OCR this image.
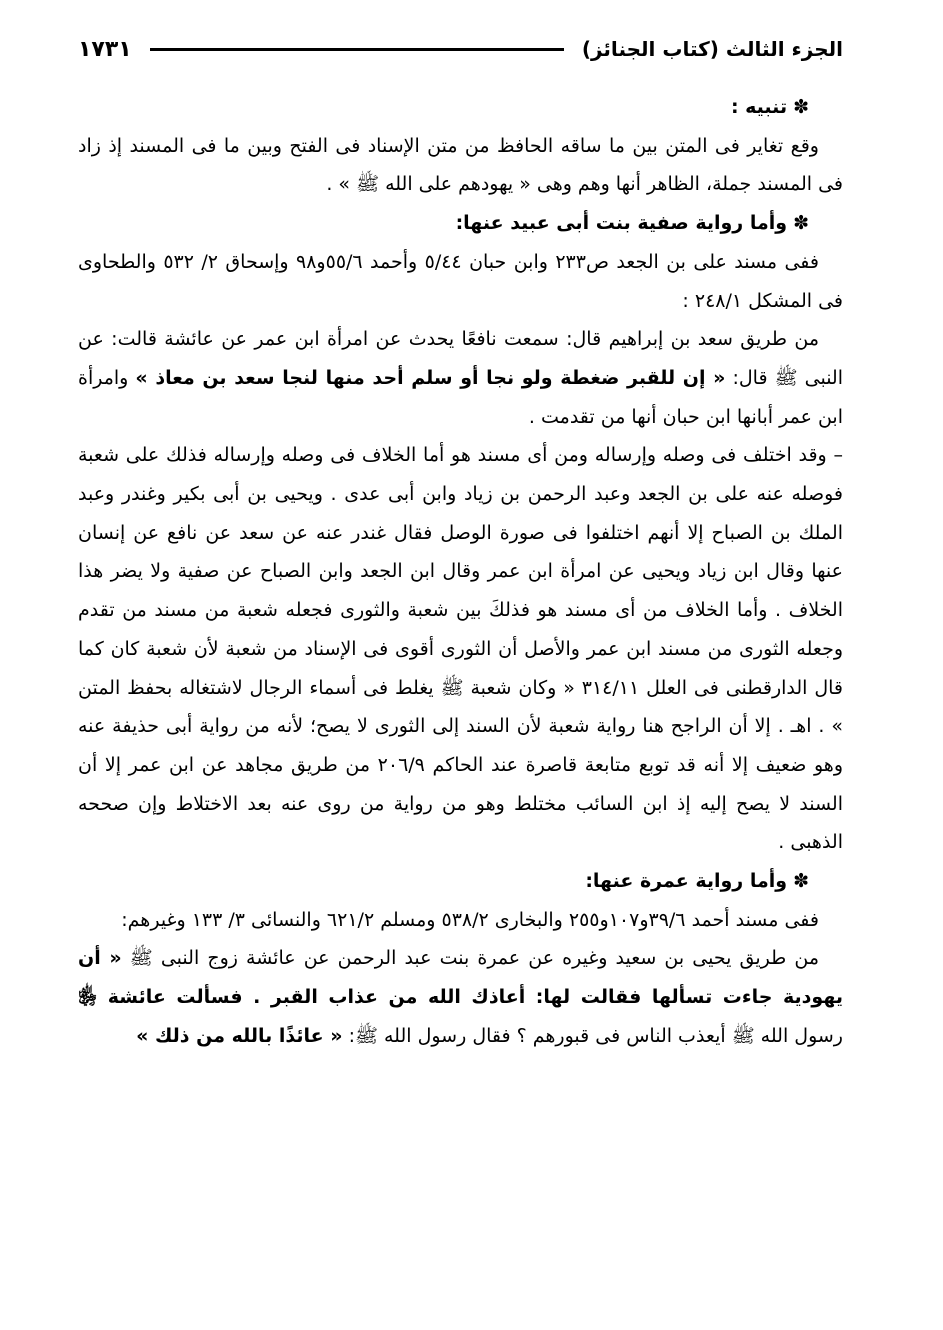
الجزء الثالث (كتاب الجنائز)
١٧٣١

✽تنبيه :

وقع تغاير فى المتن بين ما ساقه الحافظ من متن الإسناد فى الفتح وبين ما فى المسند إذ زاد فى المسند جملة، الظاهر أنها وهم وهى « يهودهم على الله ﷺ » .

✽وأما رواية صفية بنت أبى عبيد عنها:

ففى مسند على بن الجعد ص٢٣٣ وابن حبان ٥/٤٤ وأحمد ٥٥/٦و٩٨ وإسحاق ٢/ ٥٣٢ والطحاوى فى المشكل ٢٤٨/١ :

من طريق سعد بن إبراهيم قال: سمعت نافعًا يحدث عن امرأة ابن عمر عن عائشة قالت: عن النبى ﷺ قال: « إن للقبر ضغطة ولو نجا أو سلم أحد منها لنجا سعد بن معاذ » وامرأة ابن عمر أبانها ابن حبان أنها من تقدمت .

– وقد اختلف فى وصله وإرساله ومن أى مسند هو أما الخلاف فى وصله وإرساله فذلك على شعبة فوصله عنه على بن الجعد وعبد الرحمن بن زياد وابن أبى عدى . ويحيى بن أبى بكير وغندر وعبد الملك بن الصباح إلا أنهم اختلفوا فى صورة الوصل فقال غندر عنه عن سعد عن نافع عن إنسان عنها وقال ابن زياد ويحيى عن امرأة ابن عمر وقال ابن الجعد وابن الصباح عن صفية ولا يضر هذا الخلاف . وأما الخلاف من أى مسند هو فذلكَ بين شعبة والثورى فجعله شعبة من مسند من تقدم وجعله الثورى من مسند ابن عمر والأصل أن الثورى أقوى فى الإسناد من شعبة لأن شعبة كان كما قال الدارقطنى فى العلل ٣١٤/١١ « وكان شعبة ﷺ يغلط فى أسماء الرجال لاشتغاله بحفظ المتن » . اهـ . إلا أن الراجح هنا رواية شعبة لأن السند إلى الثورى لا يصح؛ لأنه من رواية أبى حذيفة عنه وهو ضعيف إلا أنه قد توبع متابعة قاصرة عند الحاكم ٢٠٦/٩ من طريق مجاهد عن ابن عمر إلا أن السند لا يصح إليه إذ ابن السائب مختلط وهو من رواية من روى عنه بعد الاختلاط وإن صححه الذهبى .

✽وأما رواية عمرة عنها:

ففى مسند أحمد ٣٩/٦و١٠٧و٢٥٥ والبخارى ٥٣٨/٢ ومسلم ٦٢١/٢ والنسائى ٣/ ١٣٣ وغيرهم:

من طريق يحيى بن سعيد وغيره عن عمرة بنت عبد الرحمن عن عائشة زوج النبى ﷺ « أن يهودية جاءت تسألها فقالت لها: أعاذك الله من عذاب القبر . فسألت عائشة ﵂ رسول الله ﷺ أيعذب الناس فى قبورهم ؟ فقال رسول الله ﷺ: « عائذًا بالله من ذلك »
